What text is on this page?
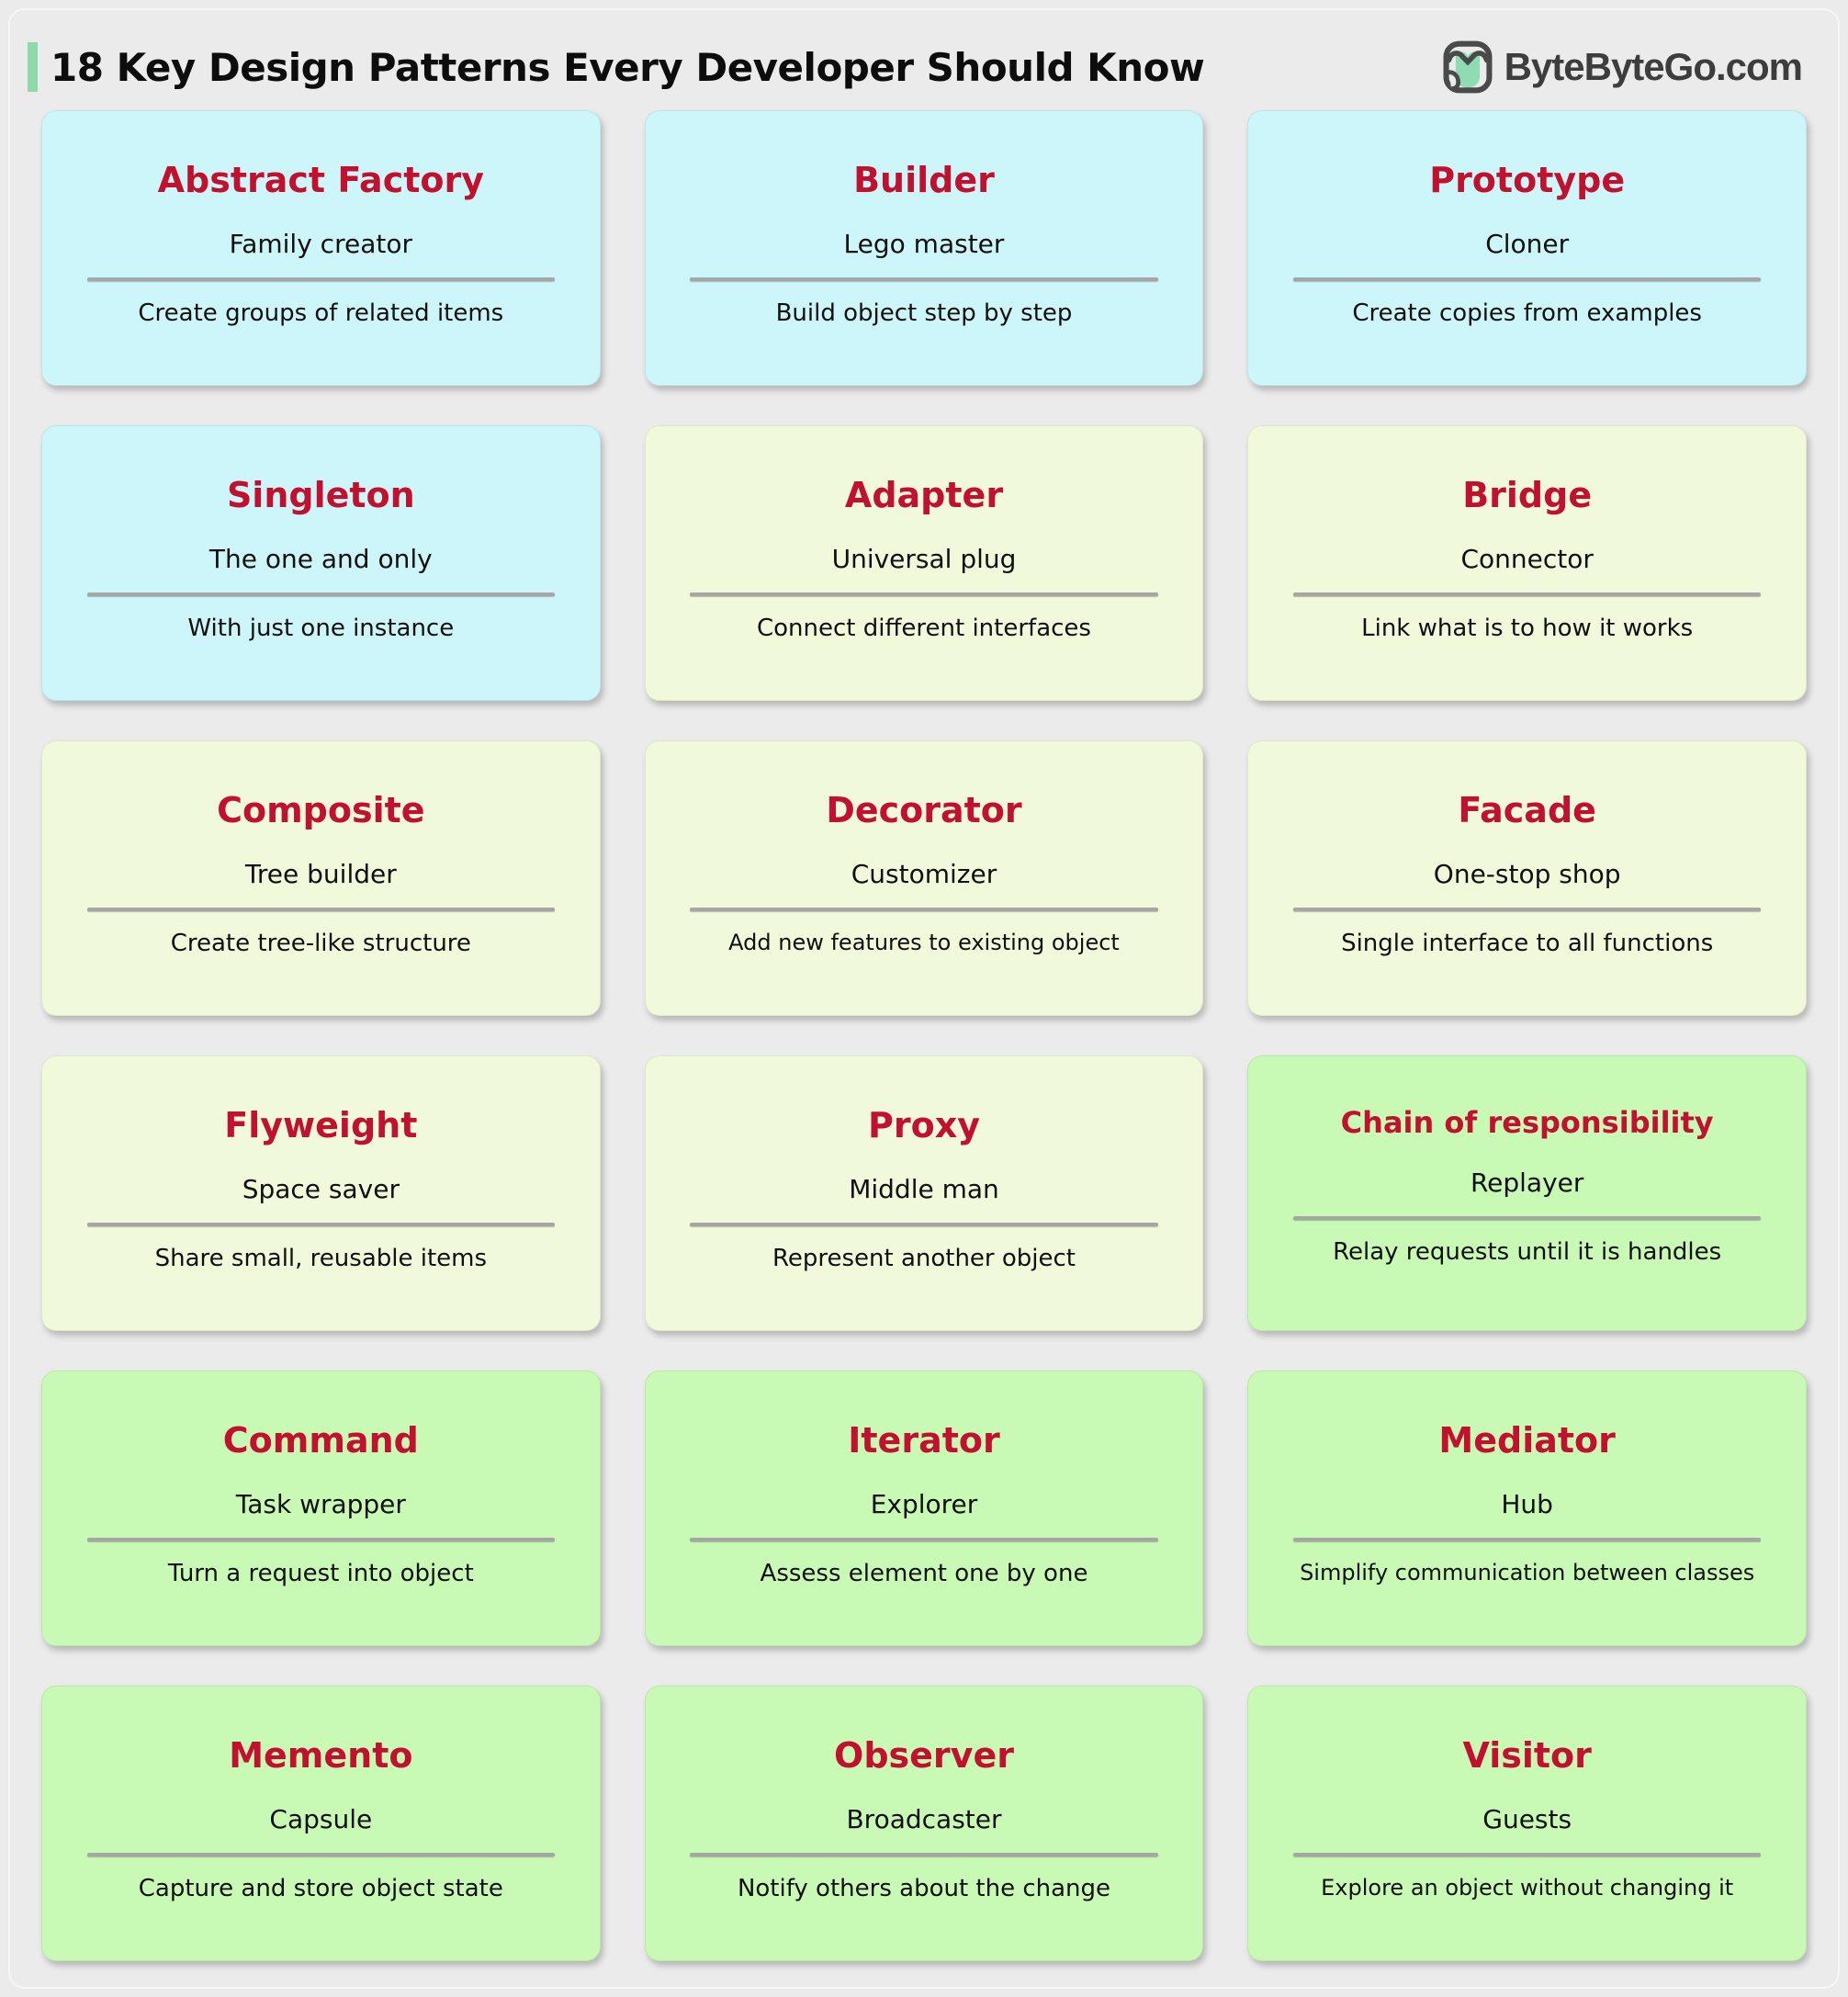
18 Key Design Patterns Every Developer Should Know	ByteByteGo.com
Abstract Factory
Family creator
Create groups of related items
Builder
Lego master
Build object step by step
Prototype
Cloner
Create copies from examples
Singleton
The one and only
With just one instance
Adapter
Universal plug
Connect different interfaces
Bridge
Connector
Link what is to how it works
Composite
Tree builder
Create tree-like structure
Decorator
Customizer
Add new features to existing object
Facade
One-stop shop
Single interface to all functions
Flyweight
Space saver
Share small, reusable items
Proxy
Middle man
Represent another object
Chain of responsibility
Replayer
Relay requests until it is handles
Command
Task wrapper
Turn a request into object
Iterator
Explorer
Assess element one by one
Mediator
Hub
Simplify communication between classes
Memento
Capsule
Capture and store object state
Observer
Broadcaster
Notify others about the change
Visitor
Guests
Explore an object without changing it
